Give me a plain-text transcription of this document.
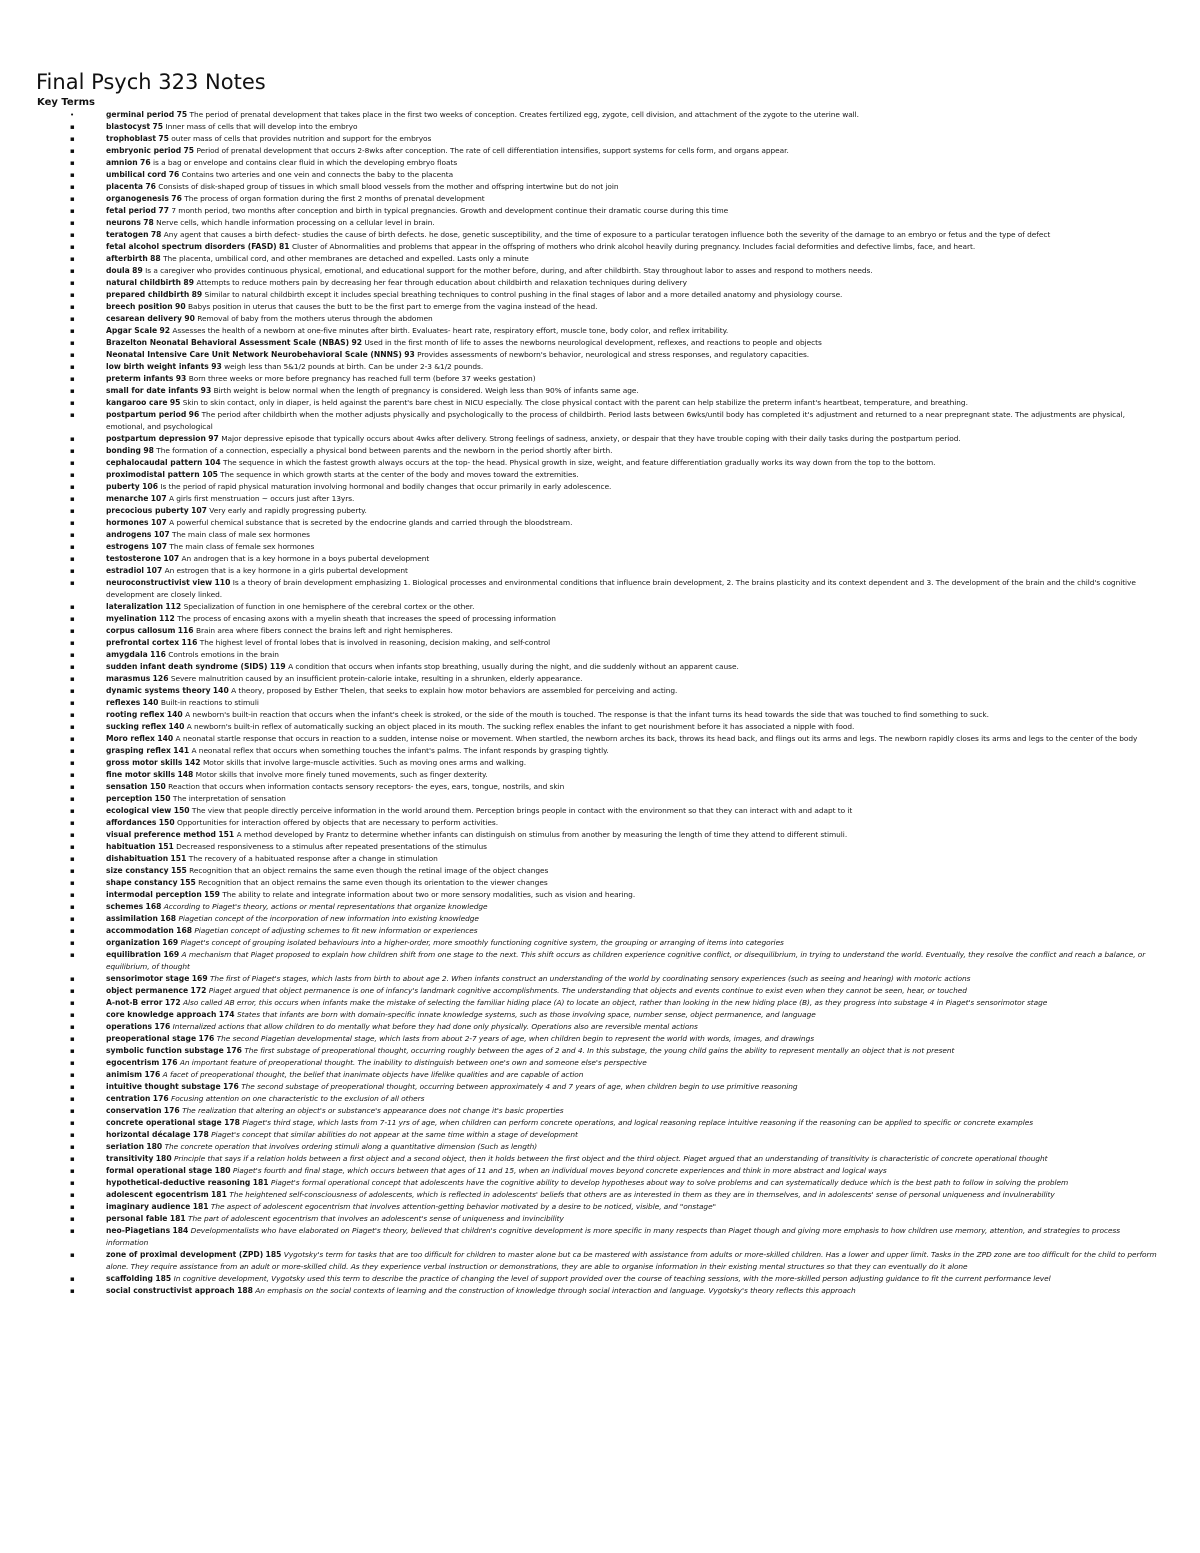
Final Psych 323 Notes
Key Terms
•	germinal period 75 The period of prenatal development that takes place in the first two weeks of conception. Creates fertilized egg, zygote, cell division, and attachment of the zygote to the uterine wall.
▪	blastocyst 75 Inner mass of cells that will develop into the embryo
▪	trophoblast 75 outer mass of cells that provides nutrition and support for the embryos
▪	embryonic period 75 Period of prenatal development that occurs 2-8wks after conception. The rate of cell differentiation intensifies, support systems for cells form, and organs appear.
▪	amnion 76 is a bag or envelope and contains clear fluid in which the developing embryo floats
▪	umbilical cord 76 Contains two arteries and one vein and connects the baby to the placenta
▪	placenta 76 Consists of disk-shaped group of tissues in which small blood vessels from the mother and offspring intertwine but do not join
▪	organogenesis 76 The process of organ formation during the first 2 months of prenatal development
▪	fetal period 77 7 month period, two months after conception and birth in typical pregnancies. Growth and development continue their dramatic course during this time
▪	neurons 78 Nerve cells, which handle information processing on a cellular level in brain.
▪	teratogen 78 Any agent that causes a birth defect- studies the cause of birth defects. he dose, genetic susceptibility, and the time of exposure to a particular teratogen influence both the severity of the damage to an embryo or fetus and the type of defect
▪	fetal alcohol spectrum disorders (FASD) 81 Cluster of Abnormalities and problems that appear in the offspring of mothers who drink alcohol heavily during pregnancy. Includes facial deformities and defective limbs, face, and heart.
▪	afterbirth 88 The placenta, umbilical cord, and other membranes are detached and expelled. Lasts only a minute
▪	doula 89 Is a caregiver who provides continuous physical, emotional, and educational support for the mother before, during, and after childbirth. Stay throughout labor to asses and respond to mothers needs.
▪	natural childbirth 89 Attempts to reduce mothers pain by decreasing her fear through education about childbirth and relaxation techniques during delivery
▪	prepared childbirth 89 Similar to natural childbirth except it includes special breathing techniques to control pushing in the final stages of labor and a more detailed anatomy and physiology course.
▪	breech position 90 Babys position in uterus that causes the butt to be the first part to emerge from the vagina instead of the head.
▪	cesarean delivery 90 Removal of baby from the mothers uterus through the abdomen
▪	Apgar Scale 92 Assesses the health of a newborn at one-five minutes after birth. Evaluates- heart rate, respiratory effort, muscle tone, body color, and reflex irritability.
▪	Brazelton Neonatal Behavioral Assessment Scale (NBAS) 92 Used in the first month of life to asses the newborns neurological development, reflexes, and reactions to people and objects
▪	Neonatal Intensive Care Unit Network Neurobehavioral Scale (NNNS) 93 Provides assessments of newborn's behavior, neurological and stress responses, and regulatory capacities.
▪	low birth weight infants 93 weigh less than 5&1/2 pounds at birth. Can be under 2-3 &1/2 pounds.
▪	preterm infants 93 Born three weeks or more before pregnancy has reached full term (before 37 weeks gestation)
▪	small for date infants 93 Birth weight is below normal when the length of pregnancy is considered. Weigh less than 90% of infants same age.
▪	kangaroo care 95 Skin to skin contact, only in diaper, is held against the parent's bare chest in NICU especially. The close physical contact with the parent can help stabilize the preterm infant's heartbeat, temperature, and breathing.
▪	postpartum period 96 The period after childbirth when the mother adjusts physically and psychologically to the process of childbirth. Period lasts between 6wks/until body has completed it's adjustment and returned to a near prepregnant state. The adjustments are physical, emotional, and psychological
▪	postpartum depression 97 Major depressive episode that typically occurs about 4wks after delivery. Strong feelings of sadness, anxiety, or despair that they have trouble coping with their daily tasks during the postpartum period.
▪	bonding 98 The formation of a connection, especially a physical bond between parents and the newborn in the period shortly after birth.
▪	cephalocaudal pattern 104 The sequence in which the fastest growth always occurs at the top- the head. Physical growth in size, weight, and feature differentiation gradually works its way down from the top to the bottom.
▪	proximodistal pattern 105 The sequence in which growth starts at the center of the body and moves toward the extremities.
▪	puberty 106 Is the period of rapid physical maturation involving hormonal and bodily changes that occur primarily in early adolescence.
▪	menarche 107 A girls first menstruation ~ occurs just after 13yrs.
▪	precocious puberty 107 Very early and rapidly progressing puberty.
▪	hormones 107 A powerful chemical substance that is secreted by the endocrine glands and carried through the bloodstream.
▪	androgens 107 The main class of male sex hormones
▪	estrogens 107 The main class of female sex hormones
▪	testosterone 107 An androgen that is a key hormone in a boys pubertal development
▪	estradiol 107 An estrogen that is a key hormone in a girls pubertal development
▪	neuroconstructivist view 110 Is a theory of brain development emphasizing 1. Biological processes and environmental conditions that influence brain development, 2. The brains plasticity and its context dependent and 3. The development of the brain and the child's cognitive development are closely linked.
▪	lateralization 112 Specialization of function in one hemisphere of the cerebral cortex or the other.
▪	myelination 112 The process of encasing axons with a myelin sheath that increases the speed of processing information
▪	corpus callosum 116 Brain area where fibers connect the brains left and right hemispheres.
▪	prefrontal cortex 116 The highest level of frontal lobes that is involved in reasoning, decision making, and self-control
▪	amygdala 116 Controls emotions in the brain
▪	sudden infant death syndrome (SIDS) 119 A condition that occurs when infants stop breathing, usually during the night, and die suddenly without an apparent cause.
▪	marasmus 126 Severe malnutrition caused by an insufficient protein-calorie intake, resulting in a shrunken, elderly appearance.
▪	dynamic systems theory 140 A theory, proposed by Esther Thelen, that seeks to explain how motor behaviors are assembled for perceiving and acting.
▪	reflexes 140 Built-in reactions to stimuli
▪	rooting reflex 140 A newborn's built-in reaction that occurs when the infant's cheek is stroked, or the side of the mouth is touched. The response is that the infant turns its head towards the side that was touched to find something to suck.
▪	sucking reflex 140 A newborn's built-in reflex of automatically sucking an object placed in its mouth. The sucking reflex enables the infant to get nourishment before it has associated a nipple with food.
▪	Moro reflex 140 A neonatal startle response that occurs in reaction to a sudden, intense noise or movement. When startled, the newborn arches its back, throws its head back, and flings out its arms and legs. The newborn rapidly closes its arms and legs to the center of the body
▪	grasping reflex 141 A neonatal reflex that occurs when something touches the infant's palms. The infant responds by grasping tightly.
▪	gross motor skills 142 Motor skills that involve large-muscle activities. Such as moving ones arms and walking.
▪	fine motor skills 148 Motor skills that involve more finely tuned movements, such as finger dexterity.
▪	sensation 150 Reaction that occurs when information contacts sensory receptors- the eyes, ears, tongue, nostrils, and skin
▪	perception 150 The interpretation of sensation
▪	ecological view 150 The view that people directly perceive information in the world around them. Perception brings people in contact with the environment so that they can interact with and adapt to it
▪	affordances 150 Opportunities for interaction offered by objects that are necessary to perform activities.
▪	visual preference method 151 A method developed by Frantz to determine whether infants can distinguish on stimulus from another by measuring the length of time they attend to different stimuli.
▪	habituation 151 Decreased responsiveness to a stimulus after repeated presentations of the stimulus
▪	dishabituation 151 The recovery of a habituated response after a change in stimulation
▪	size constancy 155 Recognition that an object remains the same even though the retinal image of the object changes
▪	shape constancy 155 Recognition that an object remains the same even though its orientation to the viewer changes
▪	intermodal perception 159 The ability to relate and integrate information about two or more sensory modalities, such as vision and hearing.
▪	schemes 168 According to Piaget's theory, actions or mental representations that organize knowledge
▪	assimilation 168 Piagetian concept of the incorporation of new information into existing knowledge
▪	accommodation 168 Piagetian concept of adjusting schemes to fit new information or experiences
▪	organization 169 Piaget's concept of grouping isolated behaviours into a higher-order, more smoothly functioning cognitive system, the grouping or arranging of items into categories
▪	equilibration 169 A mechanism that Piaget proposed to explain how children shift from one stage to the next. This shift occurs as children experience cognitive conflict, or disequilibrium, in trying to understand the world. Eventually, they resolve the conflict and reach a balance, or equilibrium, of thought
▪	sensorimotor stage 169 The first of Piaget's stages, which lasts from birth to about age 2. When infants construct an understanding of the world by coordinating sensory experiences (such as seeing and hearing) with motoric actions
▪	object permanence 172 Piaget argued that object permanence is one of infancy's landmark cognitive accomplishments. The understanding that objects and events continue to exist even when they cannot be seen, hear, or touched
▪	A-not-B error 172 Also called AB error, this occurs when infants make the mistake of selecting the familiar hiding place (A) to locate an object, rather than looking in the new hiding place (B), as they progress into substage 4 in Piaget's sensorimotor stage
▪	core knowledge approach 174 States that infants are born with domain-specific innate knowledge systems, such as those involving space, number sense, object permanence, and language
▪	operations 176 Internalized actions that allow children to do mentally what before they had done only physically. Operations also are reversible mental actions
▪	preoperational stage 176 The second Piagetian developmental stage, which lasts from about 2-7 years of age, when children begin to represent the world with words, images, and drawings
▪	symbolic function substage 176 The first substage of preoperational thought, occurring roughly between the ages of 2 and 4. In this substage, the young child gains the ability to represent mentally an object that is not present
▪	egocentrism 176 An important feature of preoperational thought. The inability to distinguish between one's own and someone else's perspective
▪	animism 176 A facet of preoperational thought, the belief that inanimate objects have lifelike qualities and are capable of action
▪	intuitive thought substage 176 The second substage of preoperational thought, occurring between approximately 4 and 7 years of age, when children begin to use primitive reasoning
▪	centration 176 Focusing attention on one characteristic to the exclusion of all others
▪	conservation 176 The realization that altering an object's or substance's appearance does not change it's basic properties
▪	concrete operational stage 178 Piaget's third stage, which lasts from 7-11 yrs of age, when children can perform concrete operations, and logical reasoning replace intuitive reasoning if the reasoning can be applied to specific or concrete examples
▪	horizontal décalage 178 Piaget's concept that similar abilities do not appear at the same time within a stage of development
▪	seriation 180 The concrete operation that involves ordering stimuli along a quantitative dimension (Such as length)
▪	transitivity 180 Principle that says if a relation holds between a first object and a second object, then it holds between the first object and the third object. Piaget argued that an understanding of transitivity is characteristic of concrete operational thought
▪	formal operational stage 180 Piaget's fourth and final stage, which occurs between that ages of 11 and 15, when an individual moves beyond concrete experiences and think in more abstract and logical ways
▪	hypothetical-deductive reasoning 181 Piaget's formal operational concept that adolescents have the cognitive ability to develop hypotheses about way to solve problems and can systematically deduce which is the best path to follow in solving the problem
▪	adolescent egocentrism 181 The heightened self-consciousness of adolescents, which is reflected in adolescents' beliefs that others are as interested in them as they are in themselves, and in adolescents' sense of personal uniqueness and invulnerability
▪	imaginary audience 181 The aspect of adolescent egocentrism that involves attention-getting behavior motivated by a desire to be noticed, visible, and "onstage"
▪	personal fable 181 The part of adolescent egocentrism that involves an adolescent's sense of uniqueness and invincibility
▪	neo-Piagetians 184 Developmentalists who have elaborated on Piaget's theory, believed that children's cognitive development is more specific in many respects than Piaget though and giving more emphasis to how children use memory, attention, and strategies to process information
▪	zone of proximal development (ZPD) 185 Vygotsky's term for tasks that are too difficult for children to master alone but ca be mastered with assistance from adults or more-skilled children. Has a lower and upper limit. Tasks in the ZPD zone are too difficult for the child to perform alone. They require assistance from an adult or more-skilled child. As they experience verbal instruction or demonstrations, they are able to organise information in their existing mental structures so that they can eventually do it alone
▪	scaffolding 185 In cognitive development, Vygotsky used this term to describe the practice of changing the level of support provided over the course of teaching sessions, with the more-skilled person adjusting guidance to fit the current performance level
▪	social constructivist approach 188 An emphasis on the social contexts of learning and the construction of knowledge through social interaction and language. Vygotsky's theory reflects this approach
